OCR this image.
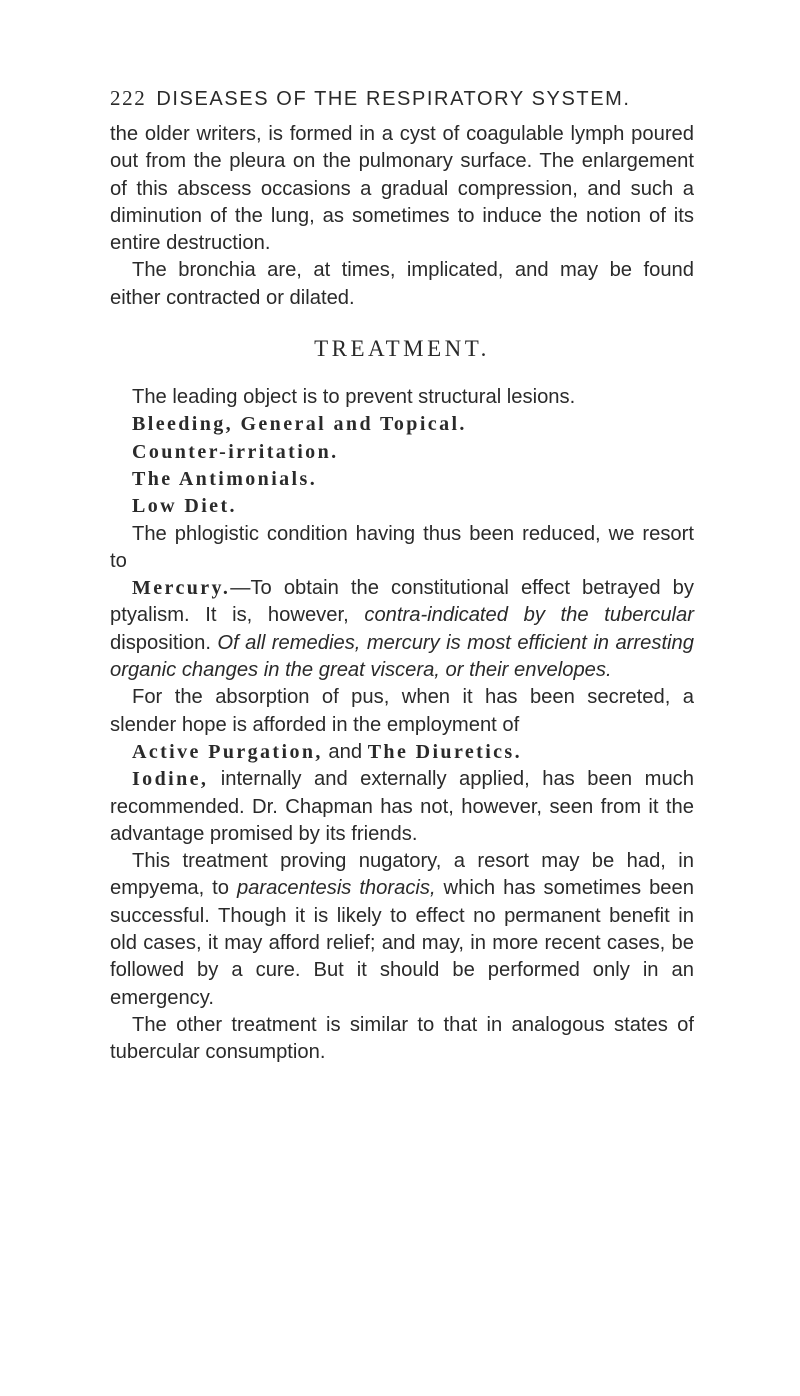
222 DISEASES OF THE RESPIRATORY SYSTEM.

the older writers, is formed in a cyst of coagulable lymph poured out from the pleura on the pulmonary surface. The enlargement of this abscess occasions a gradual compression, and such a diminution of the lung, as sometimes to induce the notion of its entire destruction.

The bronchia are, at times, implicated, and may be found either contracted or dilated.

TREATMENT.

The leading object is to prevent structural lesions.

Bleeding, General and Topical.

Counter-irritation.

The Antimonials.

Low Diet.

The phlogistic condition having thus been reduced, we resort to

Mercury.—To obtain the constitutional effect betrayed by ptyalism. It is, however, contra-indicated by the tubercular disposition. Of all remedies, mercury is most efficient in arresting organic changes in the great viscera, or their envelopes.

For the absorption of pus, when it has been secreted, a slender hope is afforded in the employment of

Active Purgation, and The Diuretics.

Iodine, internally and externally applied, has been much recommended. Dr. Chapman has not, however, seen from it the advantage promised by its friends.

This treatment proving nugatory, a resort may be had, in empyema, to paracentesis thoracis, which has sometimes been successful. Though it is likely to effect no permanent benefit in old cases, it may afford relief; and may, in more recent cases, be followed by a cure. But it should be performed only in an emergency.

The other treatment is similar to that in analogous states of tubercular consumption.
